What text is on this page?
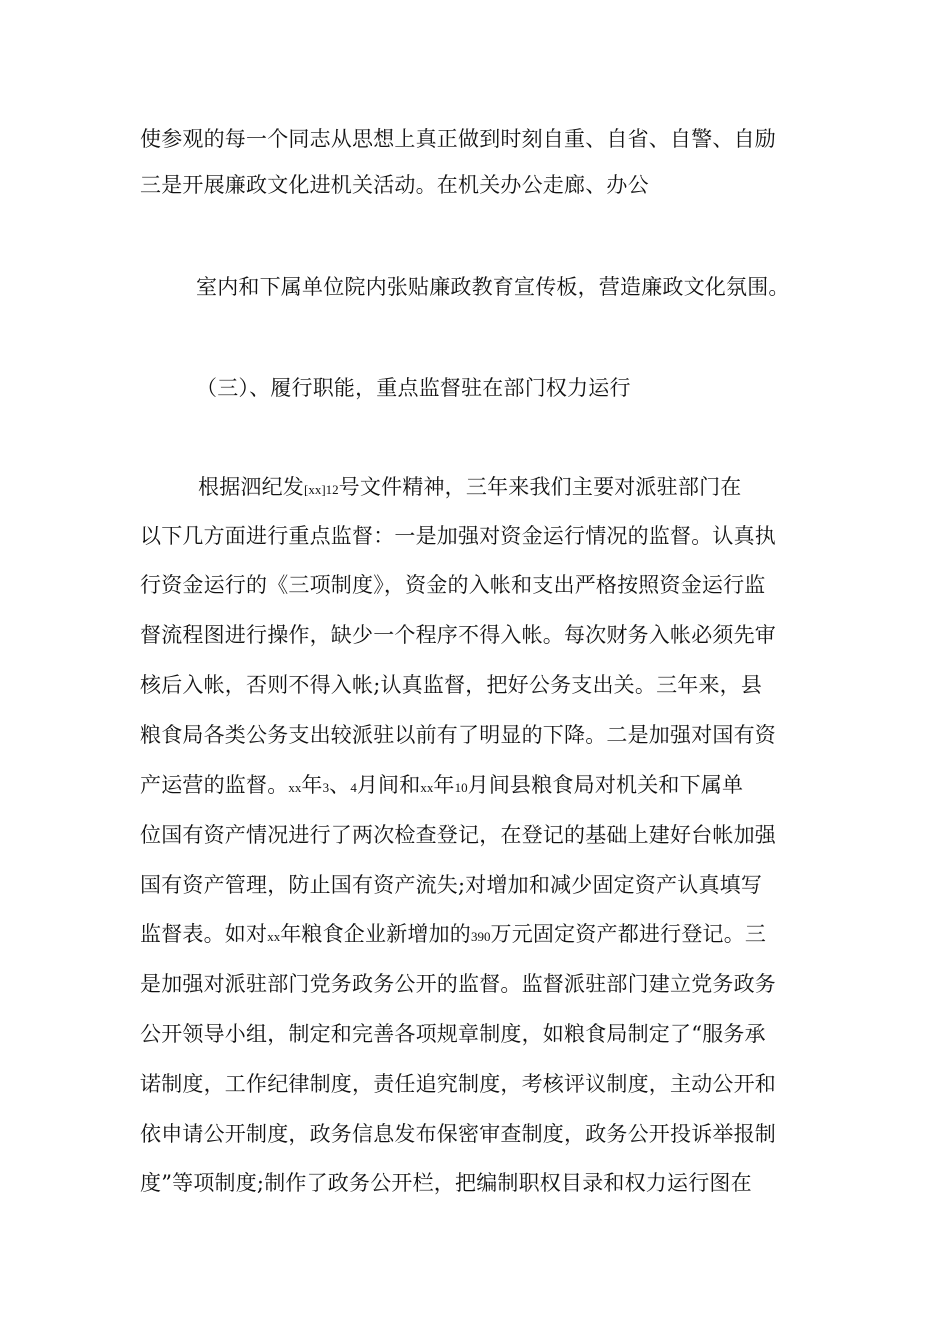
使参观的每一个同志从思想上真正做到时刻自重、自省、自警、自励
三是开展廉政文化进机关活动。在机关办公走廊、办公
室内和下属单位院内张贴廉政教育宣传板，营造廉政文化氛围。
（三）、履行职能，重点监督驻在部门权力运行
根据泗纪发[xx]12号文件精神，三年来我们主要对派驻部门在
以下几方面进行重点监督：一是加强对资金运行情况的监督。认真执
行资金运行的《三项制度》，资金的入帐和支出严格按照资金运行监
督流程图进行操作，缺少一个程序不得入帐。每次财务入帐必须先审
核后入帐，否则不得入帐;认真监督，把好公务支出关。三年来，县
粮食局各类公务支出较派驻以前有了明显的下降。二是加强对国有资
产运营的监督。xx年3、4月间和xx年10月间县粮食局对机关和下属单
位国有资产情况进行了两次检查登记，在登记的基础上建好台帐加强
国有资产管理，防止国有资产流失;对增加和减少固定资产认真填写
监督表。如对xx年粮食企业新增加的390万元固定资产都进行登记。三
是加强对派驻部门党务政务公开的监督。监督派驻部门建立党务政务
公开领导小组，制定和完善各项规章制度，如粮食局制定了“服务承
诺制度，工作纪律制度，责任追究制度，考核评议制度，主动公开和
依申请公开制度，政务信息发布保密审查制度，政务公开投诉举报制
度”等项制度;制作了政务公开栏，把编制职权目录和权力运行图在
